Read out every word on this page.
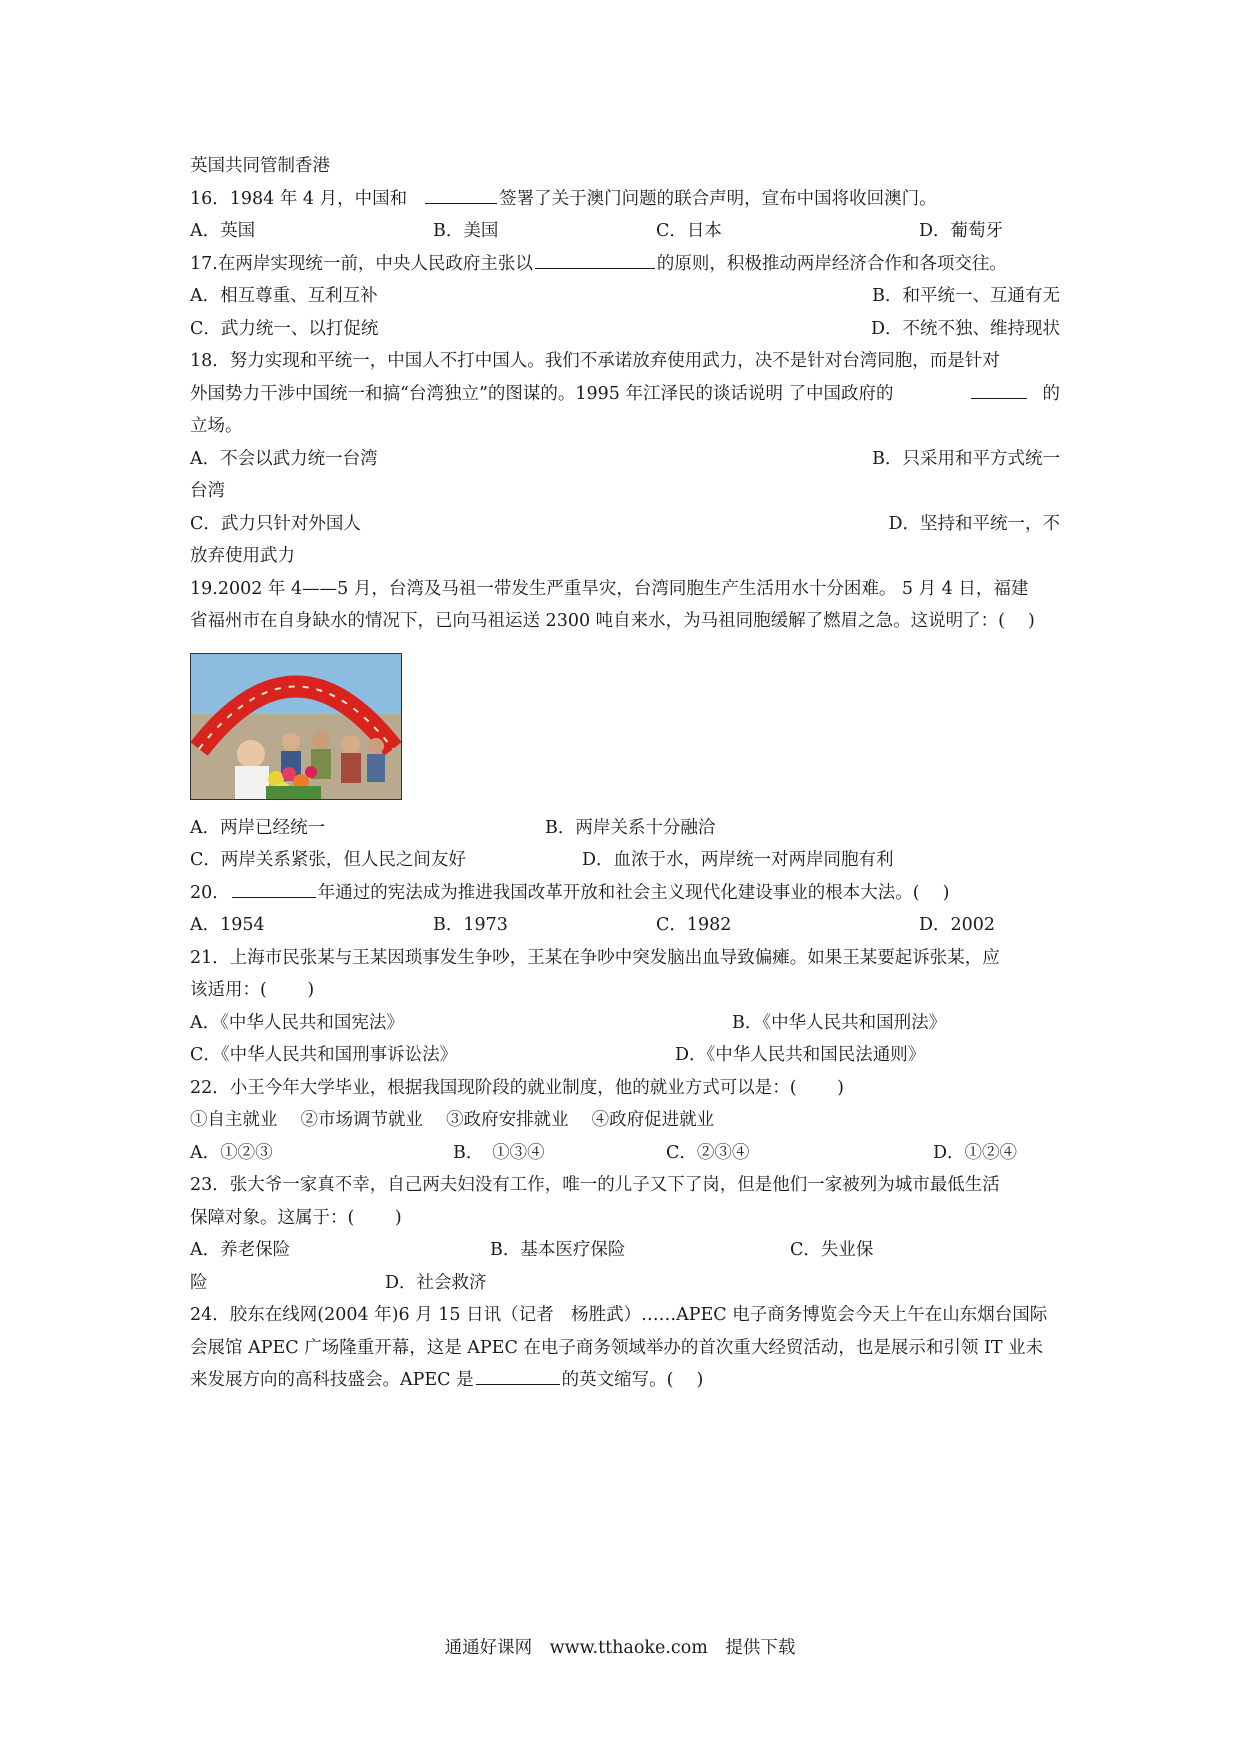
英国共同管制香港
16．1984 年 4 月，中国和	签署了关于澳门问题的联合声明，宣布中国将收回澳门。
A．英国	B．美国	C．日本	D．葡萄牙
17.在两岸实现统一前，中央人民政府主张以	的原则，积极推动两岸经济合作和各项交往。
A．相互尊重、互利互补	B．和平统一、互通有无
C．武力统一、以打促统	D．不统不独、维持现状
18．努力实现和平统一，中国人不打中国人。我们不承诺放弃使用武力，决不是针对台湾同胞，而是针对
外国势力干涉中国统一和搞“台湾独立”的图谋的。1995 年江泽民的谈话说明 了中国政府的	的
立场。
A．不会以武力统一台湾	B．只采用和平方式统一
台湾
C．武力只针对外国人	D．坚持和平统一，不
放弃使用武力
19.2002 年 4——5 月，台湾及马祖一带发生严重旱灾，台湾同胞生产生活用水十分困难。 5 月 4 日，福建
省福州市在自身缺水的情况下，已向马祖运送 2300 吨自来水，为马祖同胞缓解了燃眉之急。这说明了：(　 )
A．两岸已经统一	B．两岸关系十分融洽
C．两岸关系紧张，但人民之间友好	D．血浓于水，两岸统一对两岸同胞有利
20．	年通过的宪法成为推进我国改革开放和社会主义现代化建设事业的根本大法。(　 )
A．1954	B．1973	C．1982	D．2002
21．上海市民张某与王某因琐事发生争吵，王某在争吵中突发脑出血导致偏瘫。如果王某要起诉张某，应
该适用：(　　 )
A．《中华人民共和国宪法》	B．《中华人民共和国刑法》
C．《中华人民共和国刑事诉讼法》	D．《中华人民共和国民法通则》
22．小王今年大学毕业，根据我国现阶段的就业制度，他的就业方式可以是：(　　 )
①自主就业　 ②市场调节就业　 ③政府安排就业　 ④政府促进就业
A．①②③	B．　①③④	C．②③④	D．①②④
23．张大爷一家真不幸，自己两夫妇没有工作，唯一的儿子又下了岗，但是他们一家被列为城市最低生活
保障对象。这属于：(　　 )
A．养老保险	B．基本医疗保险	C．失业保
险	D．社会救济
24．胶东在线网(2004 年)6 月 15 日讯（记者　杨胜武）……APEC 电子商务博览会今天上午在山东烟台国际
会展馆 APEC 广场隆重开幕，这是 APEC 在电子商务领域举办的首次重大经贸活动，也是展示和引领 IT 业未
来发展方向的高科技盛会。APEC 是	的英文缩写。(　 )
通通好课网　www.tthaoke.com　提供下载
